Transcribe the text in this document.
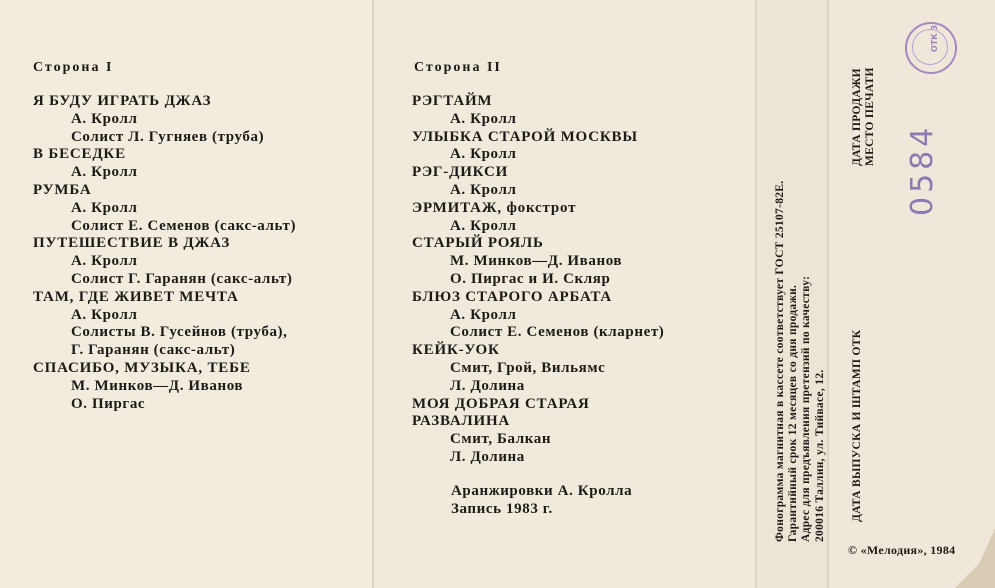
Сторона I
Я БУДУ ИГРАТЬ ДЖАЗ
А. Кролл
Солист Л. Гугняев (труба)
В БЕСЕДКЕ
А. Кролл
РУМБА
А. Кролл
Солист Е. Семенов (сакс-альт)
ПУТЕШЕСТВИЕ В ДЖАЗ
А. Кролл
Солист Г. Гаранян (сакс-альт)
ТАМ, ГДЕ ЖИВЕТ МЕЧТА
А. Кролл
Солисты В. Гусейнов (труба),
Г. Гаранян (сакс-альт)
СПАСИБО, МУЗЫКА, ТЕБЕ
М. Минков—Д. Иванов
О. Пиргас
Сторона II
РЭГТАЙМ
А. Кролл
УЛЫБКА СТАРОЙ МОСКВЫ
А. Кролл
РЭГ-ДИКСИ
А. Кролл
ЭРМИТАЖ, фокстрот
А. Кролл
СТАРЫЙ РОЯЛЬ
М. Минков—Д. Иванов
О. Пиргас и И. Скляр
БЛЮЗ СТАРОГО АРБАТА
А. Кролл
Солист Е. Семенов (кларнет)
КЕЙК-УОК
Смит, Грой, Вильямс
Л. Долина
МОЯ ДОБРАЯ СТАРАЯ
РАЗВАЛИНА
Смит, Балкан
Л. Долина
Аранжировки А. Кролла
Запись 1983 г.	Фонограмма магнитная в кассете соответствует ГОСТ 25107-82Е. Гарантийный срок 12 месяцев со дня продажи. Адрес для предъявления претензий по качеству: 200016 Таллин, ул. Тийвасе, 12.
ДАТА ПРОДАЖИ МЕСТО ПЕЧАТИ
ДАТА ВЫПУСКА И ШТАМП ОТК
0584
ОТК 3
© «Мелодия», 1984
